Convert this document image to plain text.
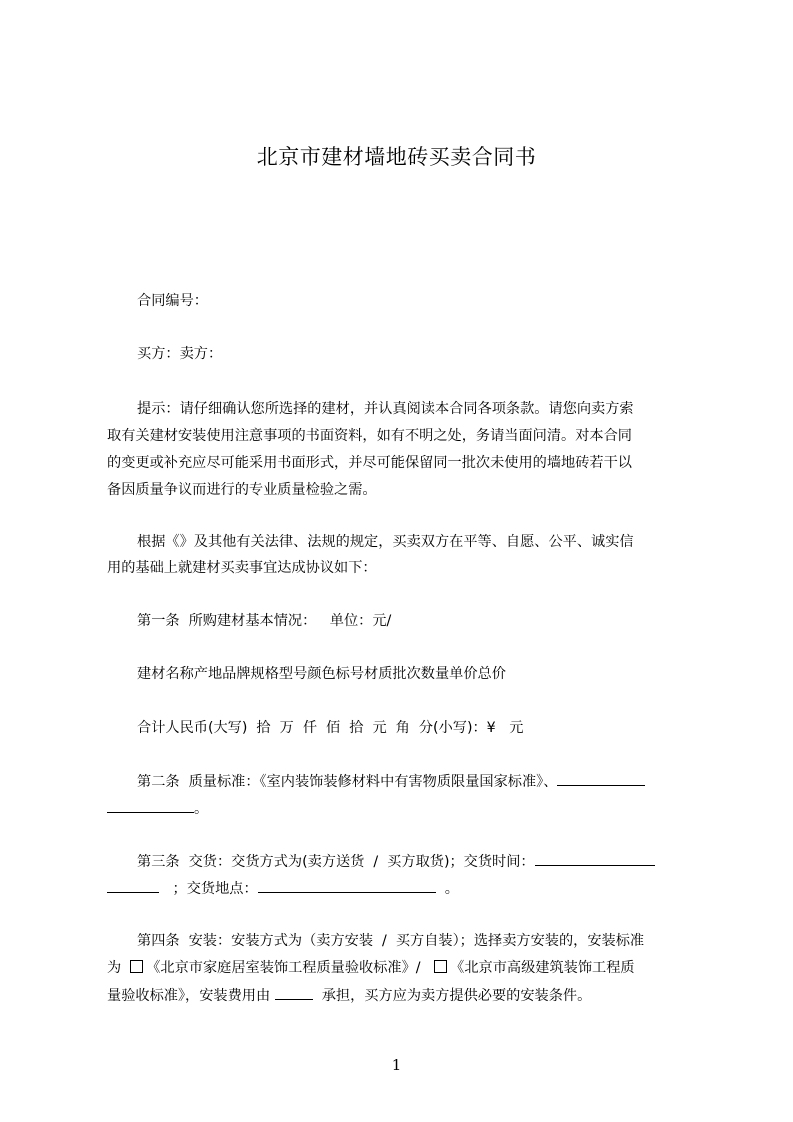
北京市建材墙地砖买卖合同书
合同编号：
买方：卖方：
提示：请仔细确认您所选择的建材，并认真阅读本合同各项条款。请您向卖方索
取有关建材安装使用注意事项的书面资料，如有不明之处，务请当面问清。对本合同
的变更或补充应尽可能采用书面形式，并尽可能保留同一批次未使用的墙地砖若干以
备因质量争议而进行的专业质量检验之需。
根据《》及其他有关法律、法规的规定，买卖双方在平等、自愿、公平、诚实信
用的基础上就建材买卖事宜达成协议如下：
第一条  所购建材基本情况：   单位：元/
建材名称产地品牌规格型号颜色标号材质批次数量单价总价
合计人民币(大写)  拾  万  仟  佰  拾  元  角  分(小写)：¥   元
第二条  质量标准：《室内装饰装修材料中有害物质限量国家标准》、
。
第三条  交货：交货方式为(卖方送货  /  买方取货)；交货时间：
；交货地点：	。
第四条  安装：安装方式为（卖方安装  /  买方自装）；选择卖方安装的，安装标准
为 《北京市家庭居室装饰工程质量验收标准》/ 《北京市高级建筑装饰工程质
量验收标准》，安装费用由	承担，买方应为卖方提供必要的安装条件。
1
